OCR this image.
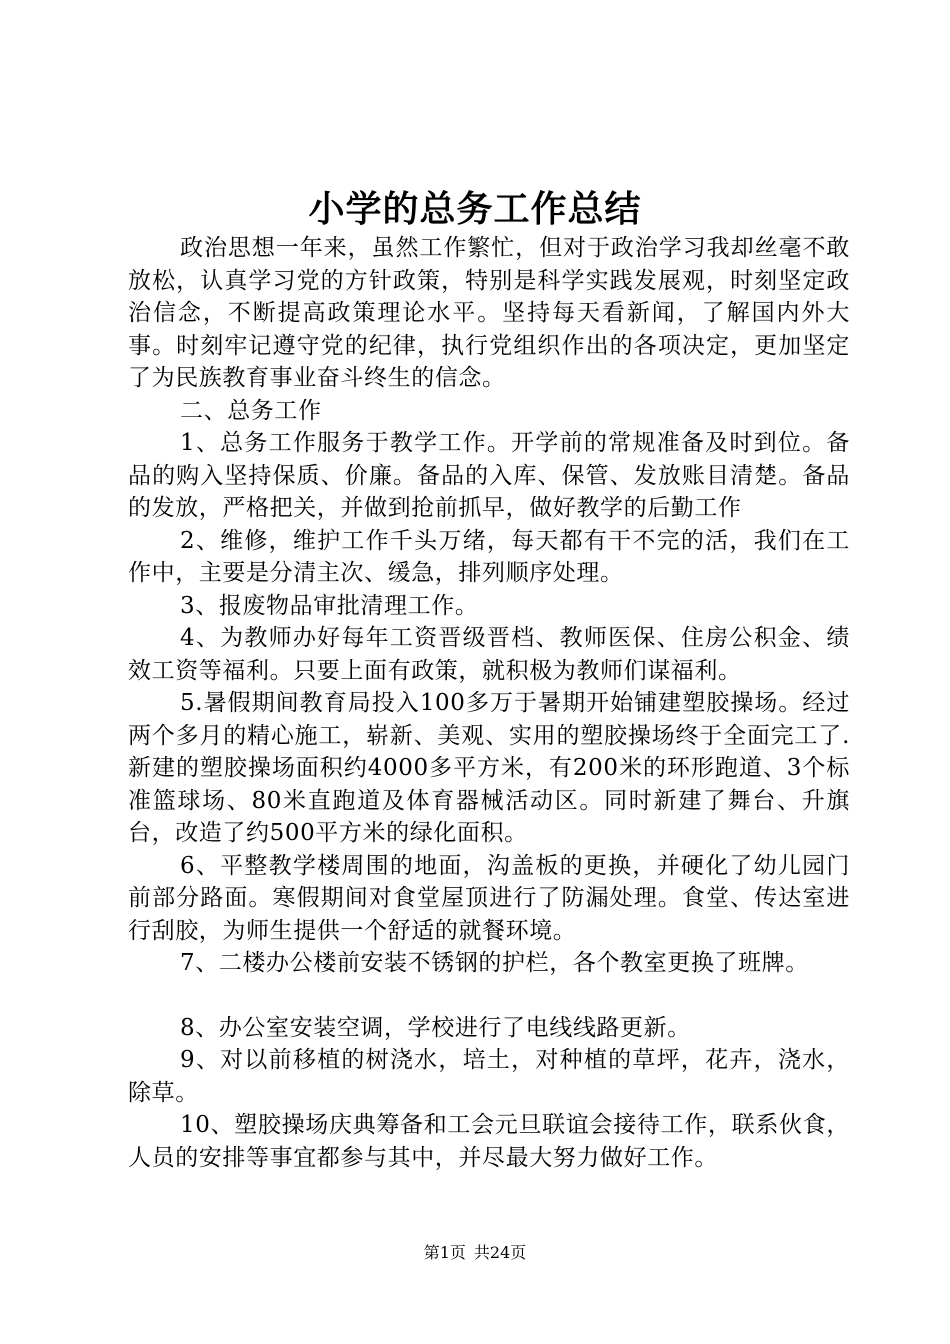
小学的总务工作总结

政治思想一年来，虽然工作繁忙，但对于政治学习我却丝毫不敢放松，认真学习党的方针政策，特别是科学实践发展观，时刻坚定政治信念，不断提高政策理论水平。坚持每天看新闻，了解国内外大事。时刻牢记遵守党的纪律，执行党组织作出的各项决定，更加坚定了为民族教育事业奋斗终生的信念。

二、总务工作

1、总务工作服务于教学工作。开学前的常规准备及时到位。备品的购入坚持保质、价廉。备品的入库、保管、发放账目清楚。备品的发放，严格把关，并做到抢前抓早，做好教学的后勤工作

2、维修，维护工作千头万绪，每天都有干不完的活，我们在工作中，主要是分清主次、缓急，排列顺序处理。

3、报废物品审批清理工作。

4、为教师办好每年工资晋级晋档、教师医保、住房公积金、绩效工资等福利。只要上面有政策，就积极为教师们谋福利。

5.暑假期间教育局投入100多万于暑期开始铺建塑胶操场。经过两个多月的精心施工，崭新、美观、实用的塑胶操场终于全面完工了.新建的塑胶操场面积约4000多平方米，有200米的环形跑道、3个标准篮球场、80米直跑道及体育器械活动区。同时新建了舞台、升旗台，改造了约500平方米的绿化面积。

6、平整教学楼周围的地面，沟盖板的更换，并硬化了幼儿园门前部分路面。寒假期间对食堂屋顶进行了防漏处理。食堂、传达室进行刮胶，为师生提供一个舒适的就餐环境。

7、二楼办公楼前安装不锈钢的护栏，各个教室更换了班牌。

8、办公室安装空调，学校进行了电线线路更新。

9、对以前移植的树浇水，培土，对种植的草坪，花卉，浇水，除草。

10、塑胶操场庆典筹备和工会元旦联谊会接待工作，联系伙食，人员的安排等事宜都参与其中，并尽最大努力做好工作。

第1页 共24页
